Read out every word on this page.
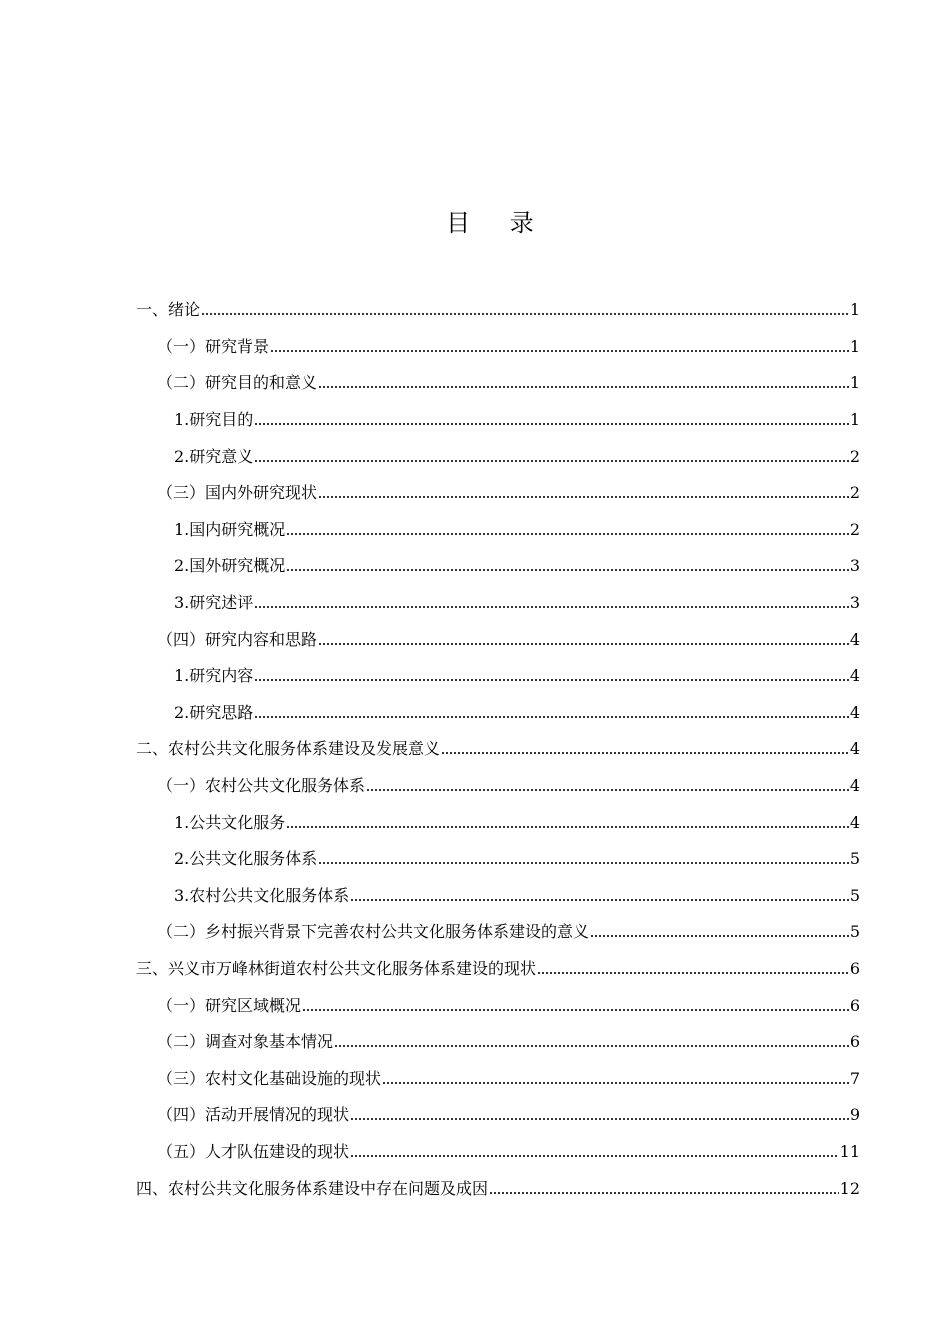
目 录
一、绪论	1
（一）研究背景	1
（二）研究目的和意义	1
1.研究目的	1
2.研究意义	2
（三）国内外研究现状	2
1.国内研究概况	2
2.国外研究概况	3
3.研究述评	3
（四）研究内容和思路	4
1.研究内容	4
2.研究思路	4
二、农村公共文化服务体系建设及发展意义	4
（一）农村公共文化服务体系	4
1.公共文化服务	4
2.公共文化服务体系	5
3.农村公共文化服务体系	5
（二）乡村振兴背景下完善农村公共文化服务体系建设的意义	5
三、兴义市万峰林街道农村公共文化服务体系建设的现状	6
（一）研究区域概况	6
（二）调查对象基本情况	6
（三）农村文化基础设施的现状	7
（四）活动开展情况的现状	9
（五）人才队伍建设的现状	11
四、农村公共文化服务体系建设中存在问题及成因	12
